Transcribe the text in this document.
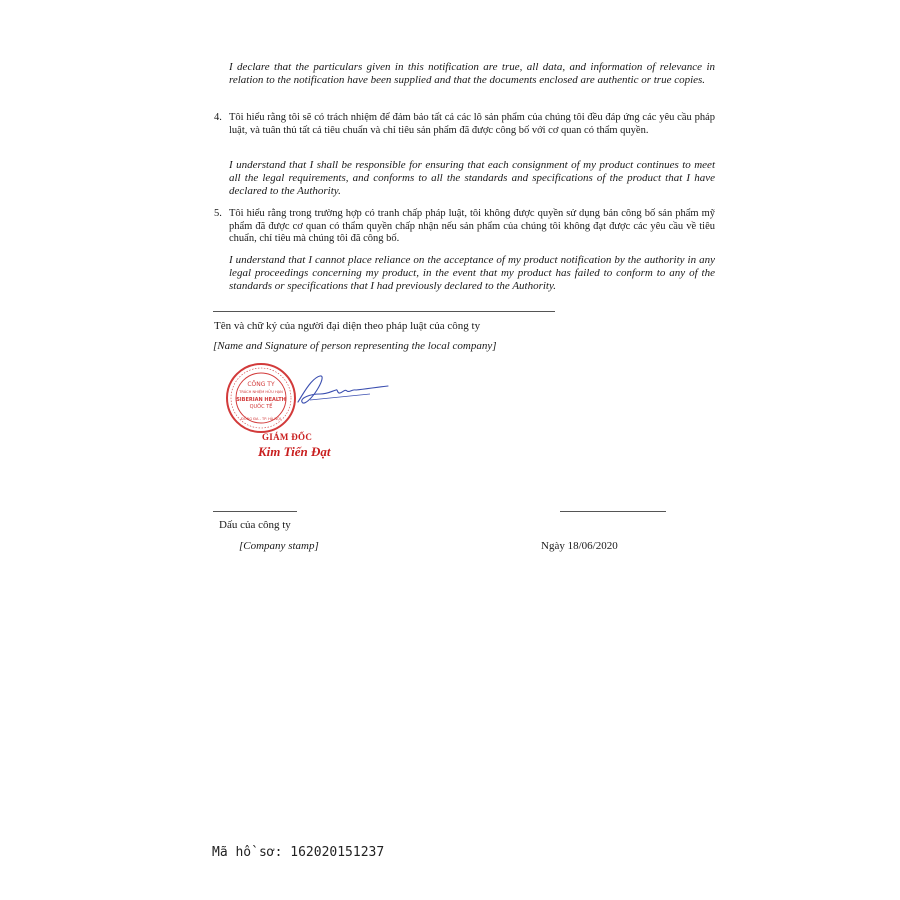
I declare that the particulars given in this notification are true, all data, and information of relevance in relation to the notification have been supplied and that the documents enclosed are authentic or true copies.
4. Tôi hiểu rằng tôi sẽ có trách nhiệm để đảm bảo tất cả các lô sản phẩm của chúng tôi đều đáp ứng các yêu cầu pháp luật, và tuân thủ tất cả tiêu chuẩn và chỉ tiêu sản phẩm đã được công bố với cơ quan có thẩm quyền.
I understand that I shall be responsible for ensuring that each consignment of my product continues to meet all the legal requirements, and conforms to all the standards and specifications of the product that I have declared to the Authority.
5. Tôi hiểu rằng trong trường hợp có tranh chấp pháp luật, tôi không được quyền sử dụng bản công bố sản phẩm mỹ phẩm đã được cơ quan có thẩm quyền chấp nhận nếu sản phẩm của chúng tôi không đạt được các yêu cầu về tiêu chuẩn, chỉ tiêu mà chúng tôi đã công bố.
I understand that I cannot place reliance on the acceptance of my product notification by the authority in any legal proceedings concerning my product, in the event that my product has failed to conform to any of the standards or specifications that I had previously declared to the Authority.
Tên và chữ ký của người đại diện theo pháp luật của công ty
[Name and Signature of person representing the local company]
CÔNG TY
TRÁCH NHIỆM HỮU HẠN
SIBERIAN HEALTH
QUỐC TẾ
ĐỐNG ĐA - TP. HÀ NỘI
GIÁM ĐỐC
Kim Tiến Đạt
Dấu của công ty
[Company stamp]	Ngày 18/06/2020
Mã hồ sơ: 162020151237
